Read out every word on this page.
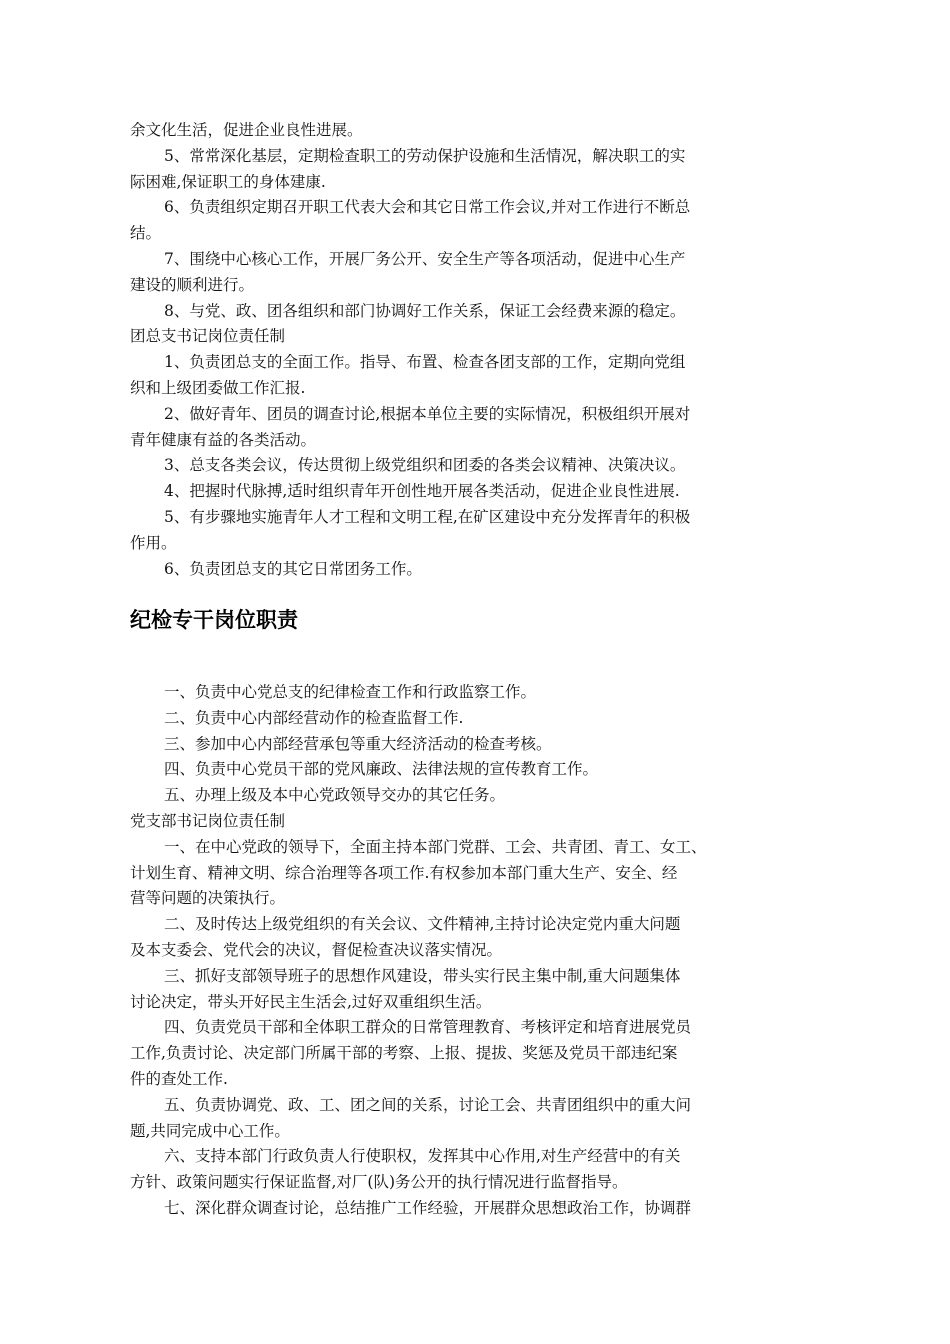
余文化生活，促进企业良性进展。
5、常常深化基层，定期检查职工的劳动保护设施和生活情况，解决职工的实
际困难,保证职工的身体建康.
6、负责组织定期召开职工代表大会和其它日常工作会议,并对工作进行不断总
结。
7、围绕中心核心工作，开展厂务公开、安全生产等各项活动，促进中心生产
建设的顺利进行。
8、与党、政、团各组织和部门协调好工作关系，保证工会经费来源的稳定。
团总支书记岗位责任制
1、负责团总支的全面工作。指导、布置、检查各团支部的工作，定期向党组
织和上级团委做工作汇报.
2、做好青年、团员的调查讨论,根据本单位主要的实际情况，积极组织开展对
青年健康有益的各类活动。
3、总支各类会议，传达贯彻上级党组织和团委的各类会议精神、决策决议。
4、把握时代脉搏,适时组织青年开创性地开展各类活动，促进企业良性进展.
5、有步骤地实施青年人才工程和文明工程,在矿区建设中充分发挥青年的积极
作用。
6、负责团总支的其它日常团务工作。
纪检专干岗位职责
一、负责中心党总支的纪律检查工作和行政监察工作。
二、负责中心内部经营动作的检查监督工作.
三、参加中心内部经营承包等重大经济活动的检查考核。
四、负责中心党员干部的党风廉政、法律法规的宣传教育工作。
五、办理上级及本中心党政领导交办的其它任务。
党支部书记岗位责任制
一、在中心党政的领导下，全面主持本部门党群、工会、共青团、青工、女工、
计划生育、精神文明、综合治理等各项工作.有权参加本部门重大生产、安全、经
营等问题的决策执行。
二、及时传达上级党组织的有关会议、文件精神,主持讨论决定党内重大问题
及本支委会、党代会的决议，督促检查决议落实情况。
三、抓好支部领导班子的思想作风建设，带头实行民主集中制,重大问题集体
讨论决定，带头开好民主生活会,过好双重组织生活。
四、负责党员干部和全体职工群众的日常管理教育、考核评定和培育进展党员
工作,负责讨论、决定部门所属干部的考察、上报、提拔、奖惩及党员干部违纪案
件的查处工作.
五、负责协调党、政、工、团之间的关系，讨论工会、共青团组织中的重大问
题,共同完成中心工作。
六、支持本部门行政负责人行使职权，发挥其中心作用,对生产经营中的有关
方针、政策问题实行保证监督,对厂(队)务公开的执行情况进行监督指导。
七、深化群众调查讨论，总结推广工作经验，开展群众思想政治工作，协调群
